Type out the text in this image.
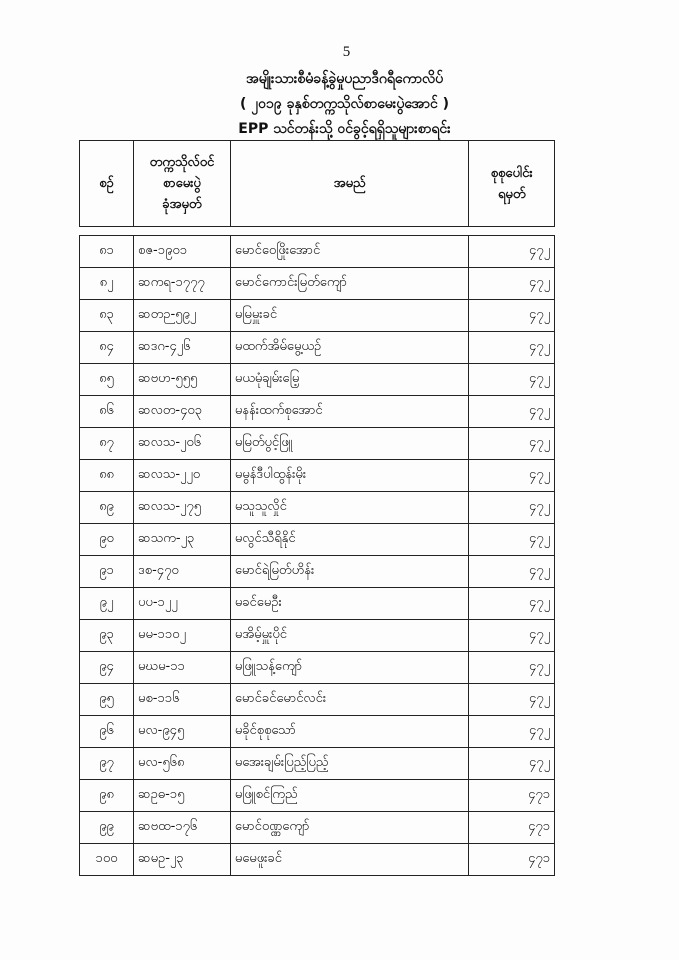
5
အမျိုးသားစီမံခန့်ခွဲမှုပညာဒီဂရီကောလိပ်
( ၂၀၁၉ ခုနှစ်တက္ကသိုလ်စာမေးပွဲအောင် )
EPP သင်တန်းသို့ ဝင်ခွင့်ရရှိသူများစာရင်း
စဉ်	တက္ကသိုလ်ဝင်
စာမေးပွဲ
ခုံအမှတ်	အမည်	စုစုပေါင်း
ရမှတ်

၈၁	စဇ-၁၉၀၁	မောင်ဝေဖြိုးအောင်	၄၇၂
၈၂	ဆကရ-၁၇၇၇	မောင်ကောင်းမြတ်ကျော်	၄၇၂
၈၃	ဆတဉ-၅၉၂	မမြမှူးခင်	၄၇၂
၈၄	ဆဒဂ-၄၂၆	မထက်အိမ်မွေ့ယဉ်	၄၇၂
၈၅	ဆဗဟ-၅၅၅	မယမုံချမ်းမြေ့	၄၇၂
၈၆	ဆလတ-၄၀၃	မနန်းထက်စုအောင်	၄၇၂
၈၇	ဆလသ-၂၀၆	မမြတ်ပွင့်ဖြူ	၄၇၂
၈၈	ဆလသ-၂၂၀	မမွန်ဒီပါထွန်းမိုး	၄၇၂
၈၉	ဆလသ-၂၇၅	မသူသူလှိုင်	၄၇၂
၉၀	ဆသက-၂၃	မလွင်သီရိနိုင်	၄၇၂
၉၁	ဒစ-၄၇၀	မောင်ရဲမြတ်ဟိန်း	၄၇၂
၉၂	ပပ-၁၂၂	မခင်မေဦး	၄၇၂
၉၃	မမ-၁၁၀၂	မအိမ့်မှူးပိုင်	၄၇၂
၉၄	မဃမ-၁၁	မဖြူသန့်ကျော်	၄၇၂
၉၅	မစ-၁၁၆	မောင်ခင်မောင်လင်း	၄၇၂
၉၆	မလ-၉၄၅	မခိုင်စုစုသော်	၄၇၂
၉၇	မလ-၅၆၈	မအေးချမ်းပြည့်ပြည့်	၄၇၂
၉၈	ဆဥဓ-၁၅	မဖြူစင်ကြည်	၄၇၁
၉၉	ဆဗထ-၁၇၆	မောင်ဝဏ္ဏကျော်	၄၇၁
၁၀၀	ဆမဥ-၂၃	မမေဖူးခင်	၄၇၁
